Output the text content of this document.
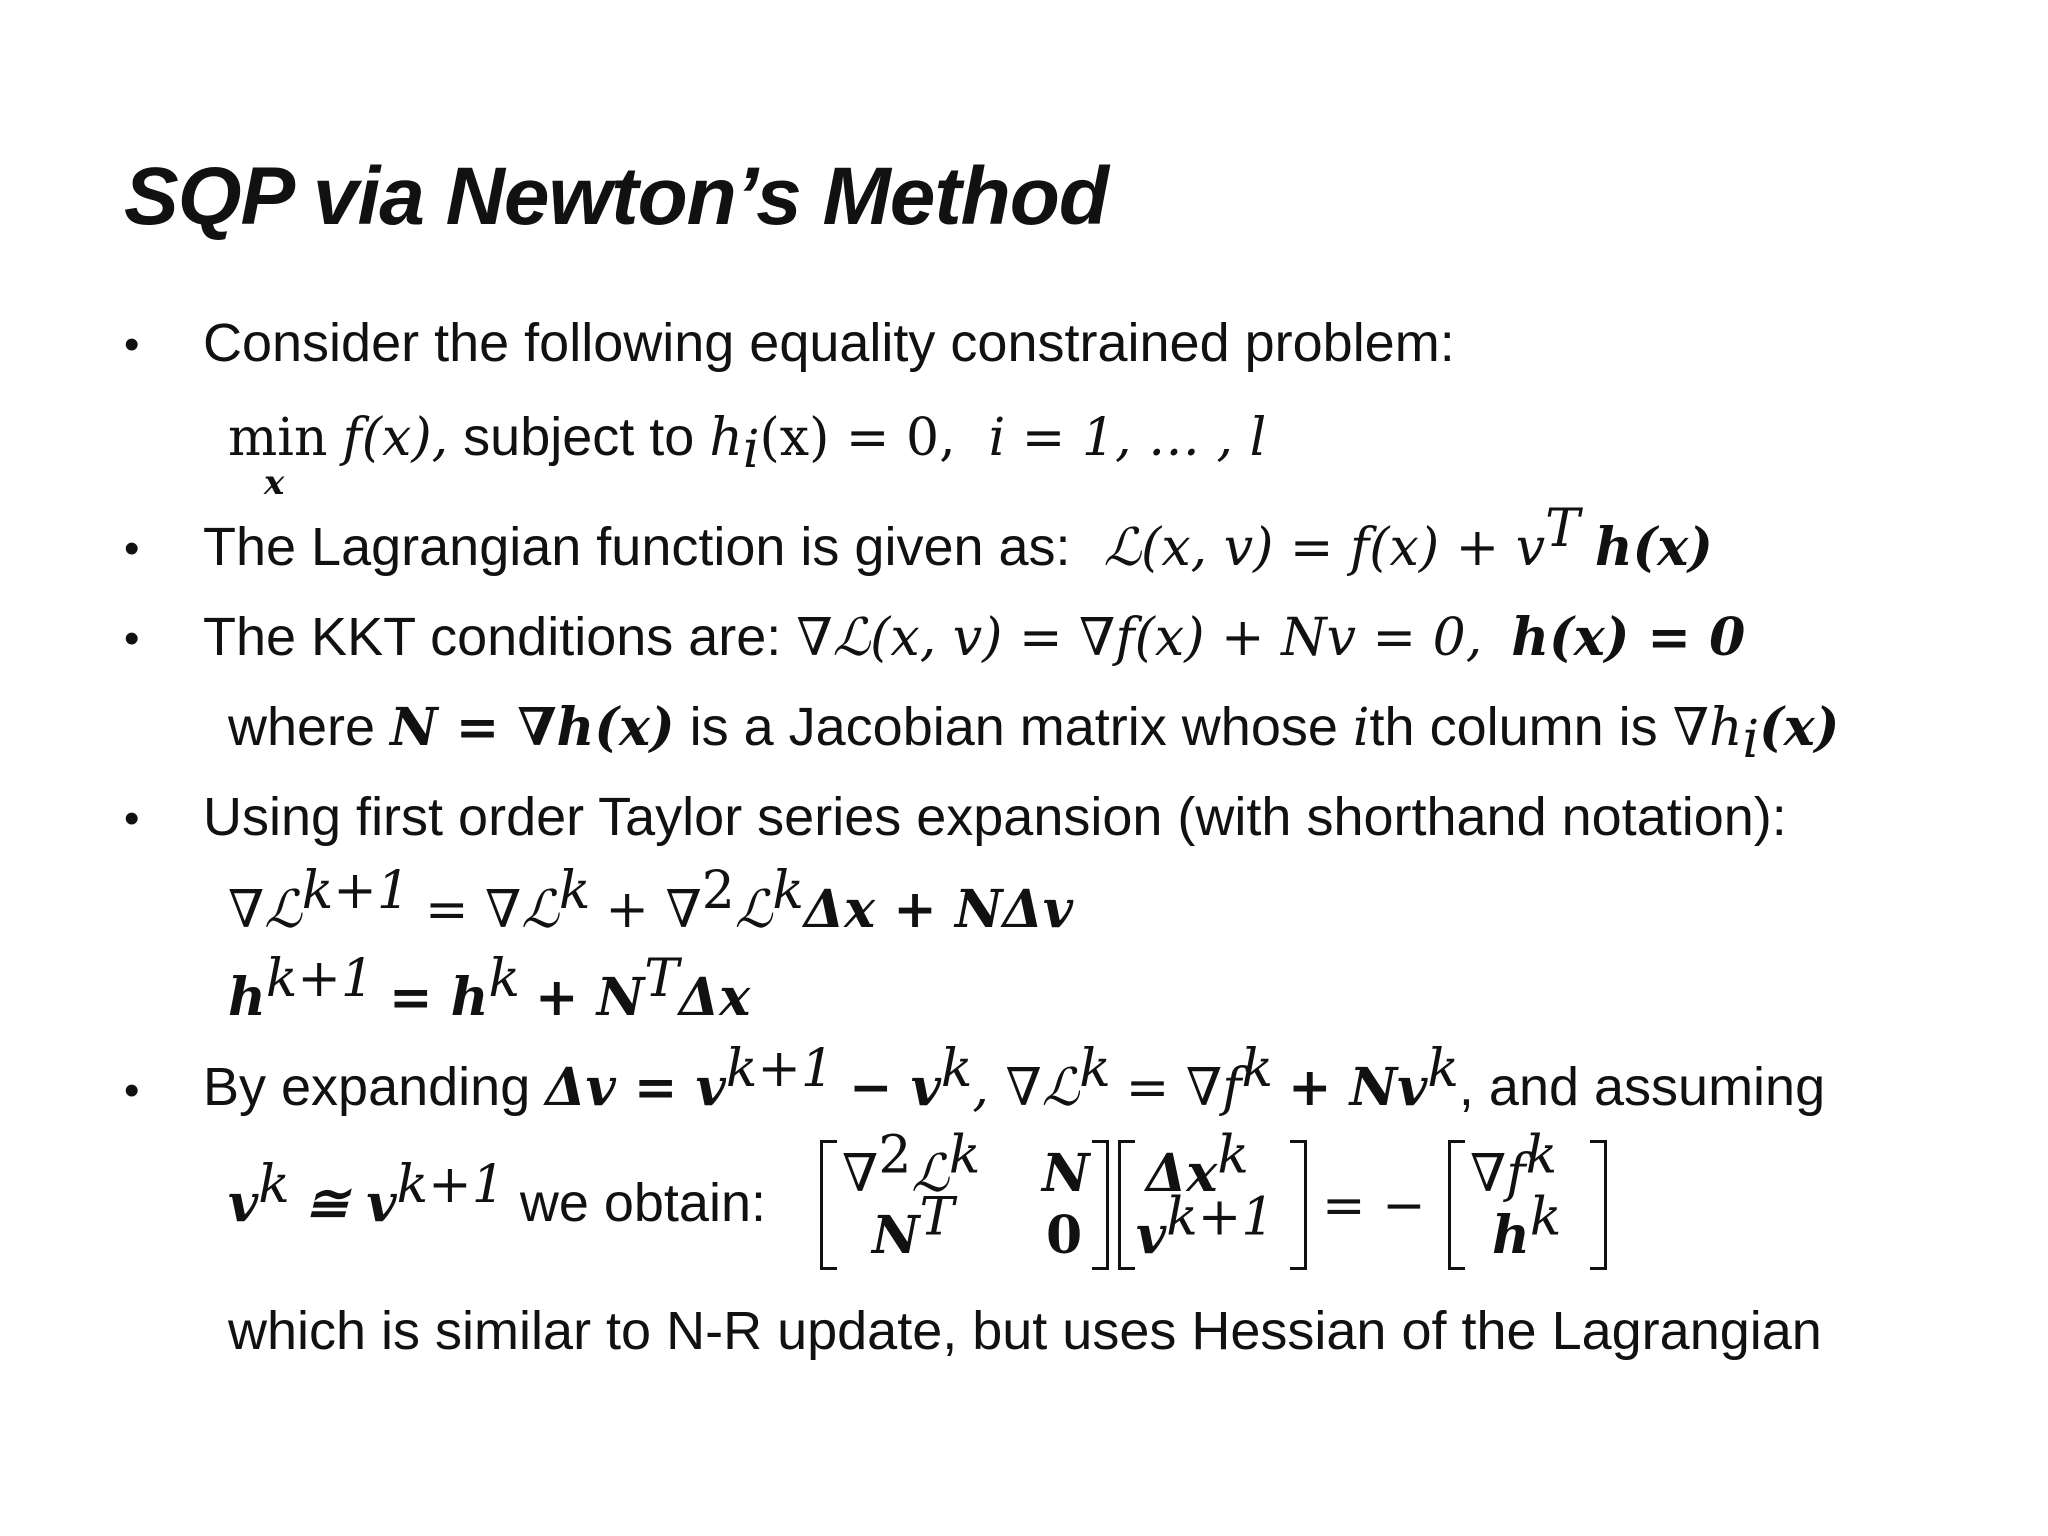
SQP via Newton’s Method
• Consider the following equality constrained problem:
min
x
f(x), subject to $h_i(x) = 0$, i = 1, … , l
• The Lagrangian function is given as: ℒ(x, $v) = f(x) + v^T$ h(x)
• The KKT conditions are: ∇ℒ(x, v) = ∇f(x) + Nv = 0, h(x) = 0
where N = ∇h(x) is a Jacobian matrix whose ith column is $\nabla h_i(x)$
• Using first order Taylor series expansion (with shorthand notation):
∇ℒ$^{k+1}$ = ∇ℒ$^k$ + ∇$^2$ℒ$^k$Δx + NΔv
$h^{k+1} = h^k + N^T\Delta x$
• By expanding $\Delta v = v^{k+1} - v^k$, ∇ℒ$^k$ = $\nabla f^k + Nv^k$, and assuming
$v^k$ ≅ $v^{k+1}$ we obtain: ∇$^2$ℒ$^k$ N
$N^T$ 0
$\Delta x^k$
$v^{k+1}$ = −
$\nabla f^k$
$h^k$
which is similar to N-R update, but uses Hessian of the Lagrangian
